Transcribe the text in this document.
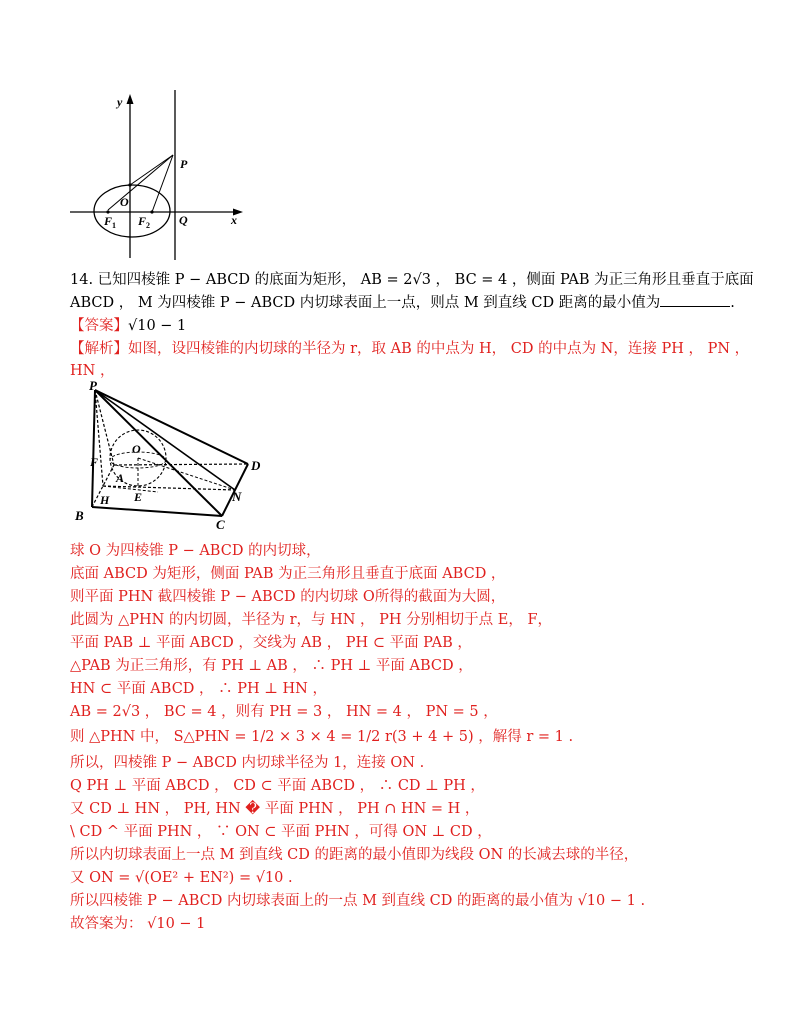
y
P
O
F 1 F 2 Q	x
14. 已知四棱锥 P − ABCD 的底面为矩形， AB = 2√3 ， BC = 4 ，侧面 PAB 为正三角形且垂直于底面
ABCD ， M 为四棱锥 P − ABCD 内切球表面上一点，则点 M 到直线 CD 距离的最小值为	.
【答案】√10 − 1
【解析】如图，设四棱锥的内切球的半径为 r，取 AB 的中点为 H， CD 的中点为 N，连接 PH ， PN ，
HN ，
P
O
F	D
A
E	N
H
B
C
球 O 为四棱锥 P − ABCD 的内切球，
底面 ABCD 为矩形，侧面 PAB 为正三角形且垂直于底面 ABCD ，
则平面 PHN 截四棱锥 P − ABCD 的内切球 O所得的截面为大圆，
此圆为 △PHN 的内切圆，半径为 r，与 HN ， PH 分别相切于点 E， F，
平面 PAB ⊥ 平面 ABCD ，交线为 AB ， PH ⊂ 平面 PAB ，
△PAB 为正三角形，有 PH ⊥ AB ， ∴ PH ⊥ 平面 ABCD ，
HN ⊂ 平面 ABCD ， ∴ PH ⊥ HN ，
AB = 2√3 ， BC = 4 ，则有 PH = 3 ， HN = 4 ， PN = 5 ，
则 △PHN 中， S△PHN = 1/2 × 3 × 4 = 1/2 r(3 + 4 + 5) ，解得 r = 1 .
所以，四棱锥 P − ABCD 内切球半径为 1，连接 ON .
Q PH ⊥ 平面 ABCD ， CD ⊂ 平面 ABCD ， ∴ CD ⊥ PH ，
又 CD ⊥ HN ， PH, HN � 平面 PHN ， PH ∩ HN = H ，
\ CD ^ 平面 PHN ， ∵ ON ⊂ 平面 PHN ，可得 ON ⊥ CD ，
所以内切球表面上一点 M 到直线 CD 的距离的最小值即为线段 ON 的长减去球的半径，
又 ON = √(OE² + EN²) = √10 .
所以四棱锥 P − ABCD 内切球表面上的一点 M 到直线 CD 的距离的最小值为 √10 − 1 .
故答案为： √10 − 1
